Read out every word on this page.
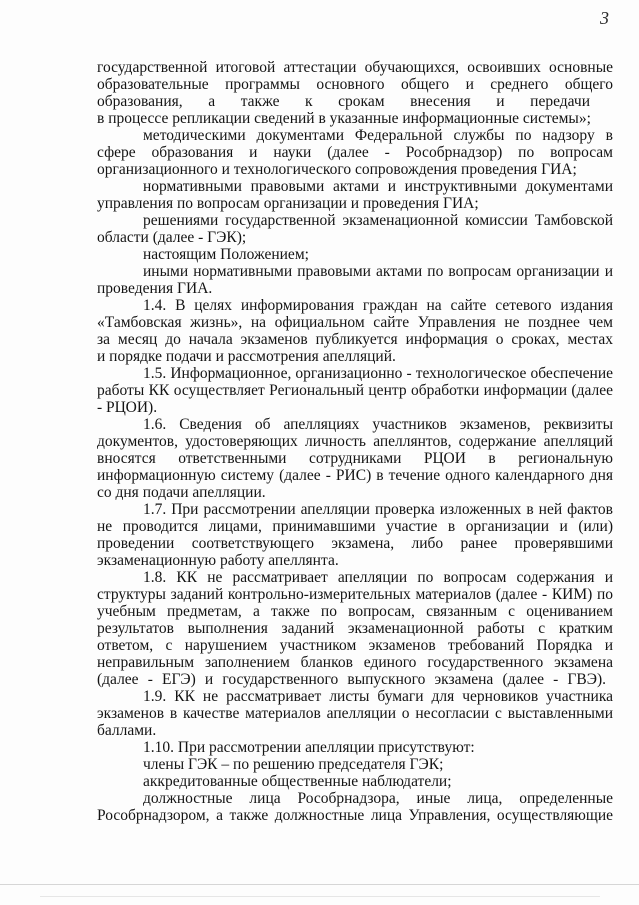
3
государственной итоговой аттестации обучающихся, освоивших основные
образовательные программы основного общего и среднего общего
образования, а также к срокам внесения и передачи
в процессе репликации сведений в указанные информационные системы»;
методическими документами Федеральной службы по надзору в
сфере образования и науки (далее - Рособрнадзор) по вопросам
организационного и технологического сопровождения проведения ГИА;
нормативными правовыми актами и инструктивными документами
управления по вопросам организации и проведения ГИА;
решениями государственной экзаменационной комиссии Тамбовской
области (далее - ГЭК);
настоящим Положением;
иными нормативными правовыми актами по вопросам организации и
проведения ГИА.
1.4. В целях информирования граждан на сайте сетевого издания
«Тамбовская жизнь», на официальном сайте Управления не позднее чем
за месяц до начала экзаменов публикуется информация о сроках, местах
и порядке подачи и рассмотрения апелляций.
1.5. Информационное, организационно - технологическое обеспечение
работы КК осуществляет Региональный центр обработки информации (далее
- РЦОИ).
1.6. Сведения об апелляциях участников экзаменов, реквизиты
документов, удостоверяющих личность апеллянтов, содержание апелляций
вносятся ответственными сотрудниками РЦОИ в региональную
информационную систему (далее - РИС) в течение одного календарного дня
со дня подачи апелляции.
1.7. При рассмотрении апелляции проверка изложенных в ней фактов
не проводится лицами, принимавшими участие в организации и (или)
проведении соответствующего экзамена, либо ранее проверявшими
экзаменационную работу апеллянта.
1.8. КК не рассматривает апелляции по вопросам содержания и
структуры заданий контрольно-измерительных материалов (далее - КИМ) по
учебным предметам, а также по вопросам, связанным с оцениванием
результатов выполнения заданий экзаменационной работы с кратким
ответом, с нарушением участником экзаменов требований Порядка и
неправильным заполнением бланков единого государственного экзамена
(далее - ЕГЭ) и государственного выпускного экзамена (далее - ГВЭ).
1.9. КК не рассматривает листы бумаги для черновиков участника
экзаменов в качестве материалов апелляции о несогласии с выставленными
баллами.
1.10. При рассмотрении апелляции присутствуют:
члены ГЭК – по решению председателя ГЭК;
аккредитованные общественные наблюдатели;
должностные лица Рособрнадзора, иные лица, определенные
Рособрнадзором, а также должностные лица Управления, осуществляющие
